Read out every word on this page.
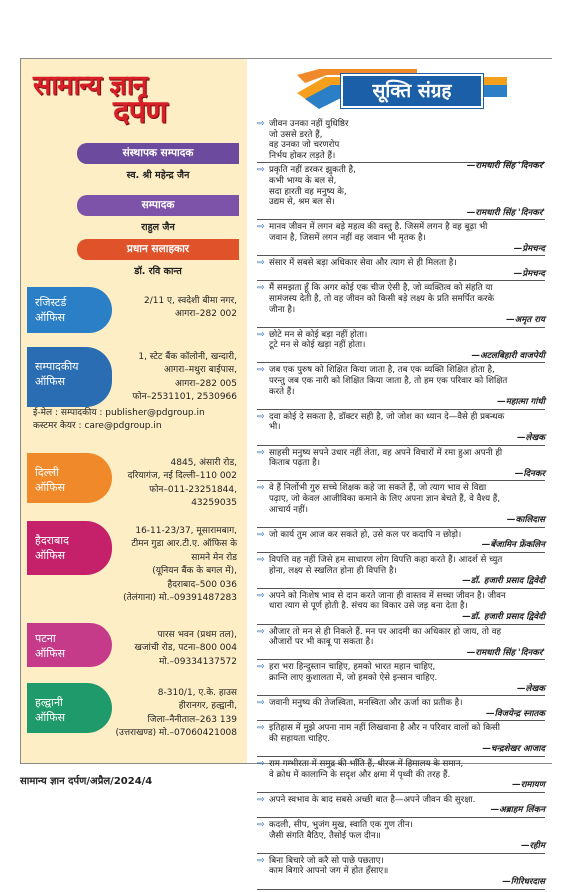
सामान्य ज्ञान
दर्पण
संस्थापक सम्पादक
स्व. श्री महेन्द्र जैन
सम्पादक
राहुल जैन
प्रधान सलाहकार
डॉ. रवि कान्त
रजिस्टर्ड
ऑफिस
2/11 ए, स्वदेशी बीमा नगर,
आगरा–282 002
सम्पादकीय
ऑफिस
1, स्टेट बैंक कॉलोनी, खन्दारी,
आगरा–मथुरा बाईपास,
आगरा–282 005
फोन–2531101, 2530966
ई-मेल : सम्पादकीय : publisher@pdgroup.in
कस्टमर केयर : care@pdgroup.in
दिल्ली
ऑफिस
4845, अंसारी रोड,
दरियागंज, नई दिल्ली–110 002
फोन–011-23251844,
43259035
हैदराबाद
ऑफिस
16-11-23/37, मूसारामबाग,
टीमन गुडा आर.टी.ए. ऑफिस के
सामने मेन रोड
(यूनियन बैंक के बगल में),
हैदराबाद–500 036
(तेलंगाना) मो.–09391487283
पटना
ऑफिस
पारस भवन (प्रथम तल),
खजांची रोड, पटना–800 004
मो.–09334137572
हल्द्वानी
ऑफिस
8-310/1, ए.के. हाउस
हीरानगर, हल्द्वानी,
जिला–नैनीताल–263 139
(उत्तराखण्ड) मो.–07060421008
सूक्ति संग्रह
⇨ जीवन उनका नहीं युधिष्ठिर
जो उससे डरते हैं,
वह उनका जो चरणरोप
निर्भय होकर लड़ते हैं।
—रामधारी सिंह 'दिनकर'
⇨ प्रकृति नहीं डरकर झुकती है,
कभी भाग्य के बल से,
सदा हारती वह मनुष्य के,
उद्यम से, श्रम बल से।
—रामधारी सिंह 'दिनकर'
⇨ मानव जीवन में लगन बड़े महत्व की वस्तु है. जिसमें लगन है वह बूढ़ा भी
जवान है, जिसमें लगन नहीं वह जवान भी मृतक है।
—प्रेमचन्द
⇨ संसार में सबसे बड़ा अधिकार सेवा और त्याग से ही मिलता है।
—प्रेमचन्द
⇨ मैं समझता हूँ कि अगर कोई एक चीज ऐसी है, जो व्यक्तित्व को संहति या
सामंजस्य देती है, तो वह जीवन को किसी बड़े लक्ष्य के प्रति समर्पित करके
जीना है।
—अमृत राय
⇨ छोटे मन से कोई बड़ा नहीं होता।
टूटे मन से कोई खड़ा नहीं होता।
—अटलबिहारी वाजपेयी
⇨ जब एक पुरुष को शिक्षित किया जाता है, तब एक व्यक्ति शिक्षित होता है,
परन्तु जब एक नारी को शिक्षित किया जाता है, तो हम एक परिवार को शिक्षित
करते हैं।
—महात्मा गांधी
⇨ दवा कोई दे सकता है, डॉक्टर सही है, जो जोश का ध्यान दे—वैसे ही प्रबन्धक
भी।
—लेखक
⇨ साहसी मनुष्य सपने उधार नहीं लेता, वह अपने विचारों में रमा हुआ अपनी ही
किताब पढ़ता है।
—दिनकर
⇨ वे हैं निर्लोभी गुरु सच्चे शिक्षक कहे जा सकते हैं, जो त्याग भाव से विद्या
पढ़ाए, जो केवल आजीविका कमाने के लिए अपना ज्ञान बेचते हैं, वे वैश्य हैं,
आचार्य नहीं।
—कालिदास
⇨ जो कार्य तुम आज कर सकते हो, उसे कल पर कदापि न छोड़ो।
—बेंजामिन फ्रेंकलिन
⇨ विपत्ति वह नहीं जिसे हम साधारण लोग विपत्ति कहा करते हैं। आदर्श से च्युत
होना, लक्ष्य से स्खलित होना ही विपत्ति है।
—डॉ. हजारी प्रसाद द्विवेदी
⇨ अपने को निःशेष भाव से दान करते जाना ही वास्तव में सच्चा जीवन है। जीवन
धारा त्याग से पूर्ण होती है. संचय का विकार उसे जड़ बना देता है।
—डॉ. हजारी प्रसाद द्विवेदी
⇨ औजार तो मन से ही निकले हैं. मन पर आदमी का अधिकार हो जाय, तो वह
औजारों पर भी काबू पा सकता है।
—रामधारी सिंह 'दिनकर'
⇨ हरा भरा हिन्दुस्तान चाहिए, हमको भारत महान चाहिए,
क्रान्ति लाए कुशालता में, जो हमको ऐसे इन्सान चाहिए.
—लेखक
⇨ जवानी मनुष्य की तेजस्विता, मनस्विता और ऊर्जा का प्रतीक है।
—विजयेन्द्र स्नातक
⇨ इतिहास में मुझे अपना नाम नहीं लिखवाना है और न परिवार वालों को किसी
की सहायता चाहिए.
—चन्द्रशेखर आजाद
⇨ राम गम्भीरता में समुद्र की भाँति हैं, धीरज में हिमालय के समान,
वे क्रोध में कालाग्नि के सदृश और क्षमा में पृथ्वी की तरह हैं.
—रामायण
⇨ अपने स्वभाव के बाद सबसे अच्छी बात है—अपने जीवन की सुरक्षा.
—अब्राहम लिंकन
⇨ कदली, सीप, भुजंग मुख, स्वाति एक गुण तीन।
जैसी संगति बैठिए, तैसोई फल दीन॥
—रहीम
⇨ बिना बिचारे जो करै सो पाछे पछताए।
काम बिगारे आपनो जग में होत हँसाए॥
—गिरिधरदास
सामान्य ज्ञान दर्पण/अप्रैल/2024/4
